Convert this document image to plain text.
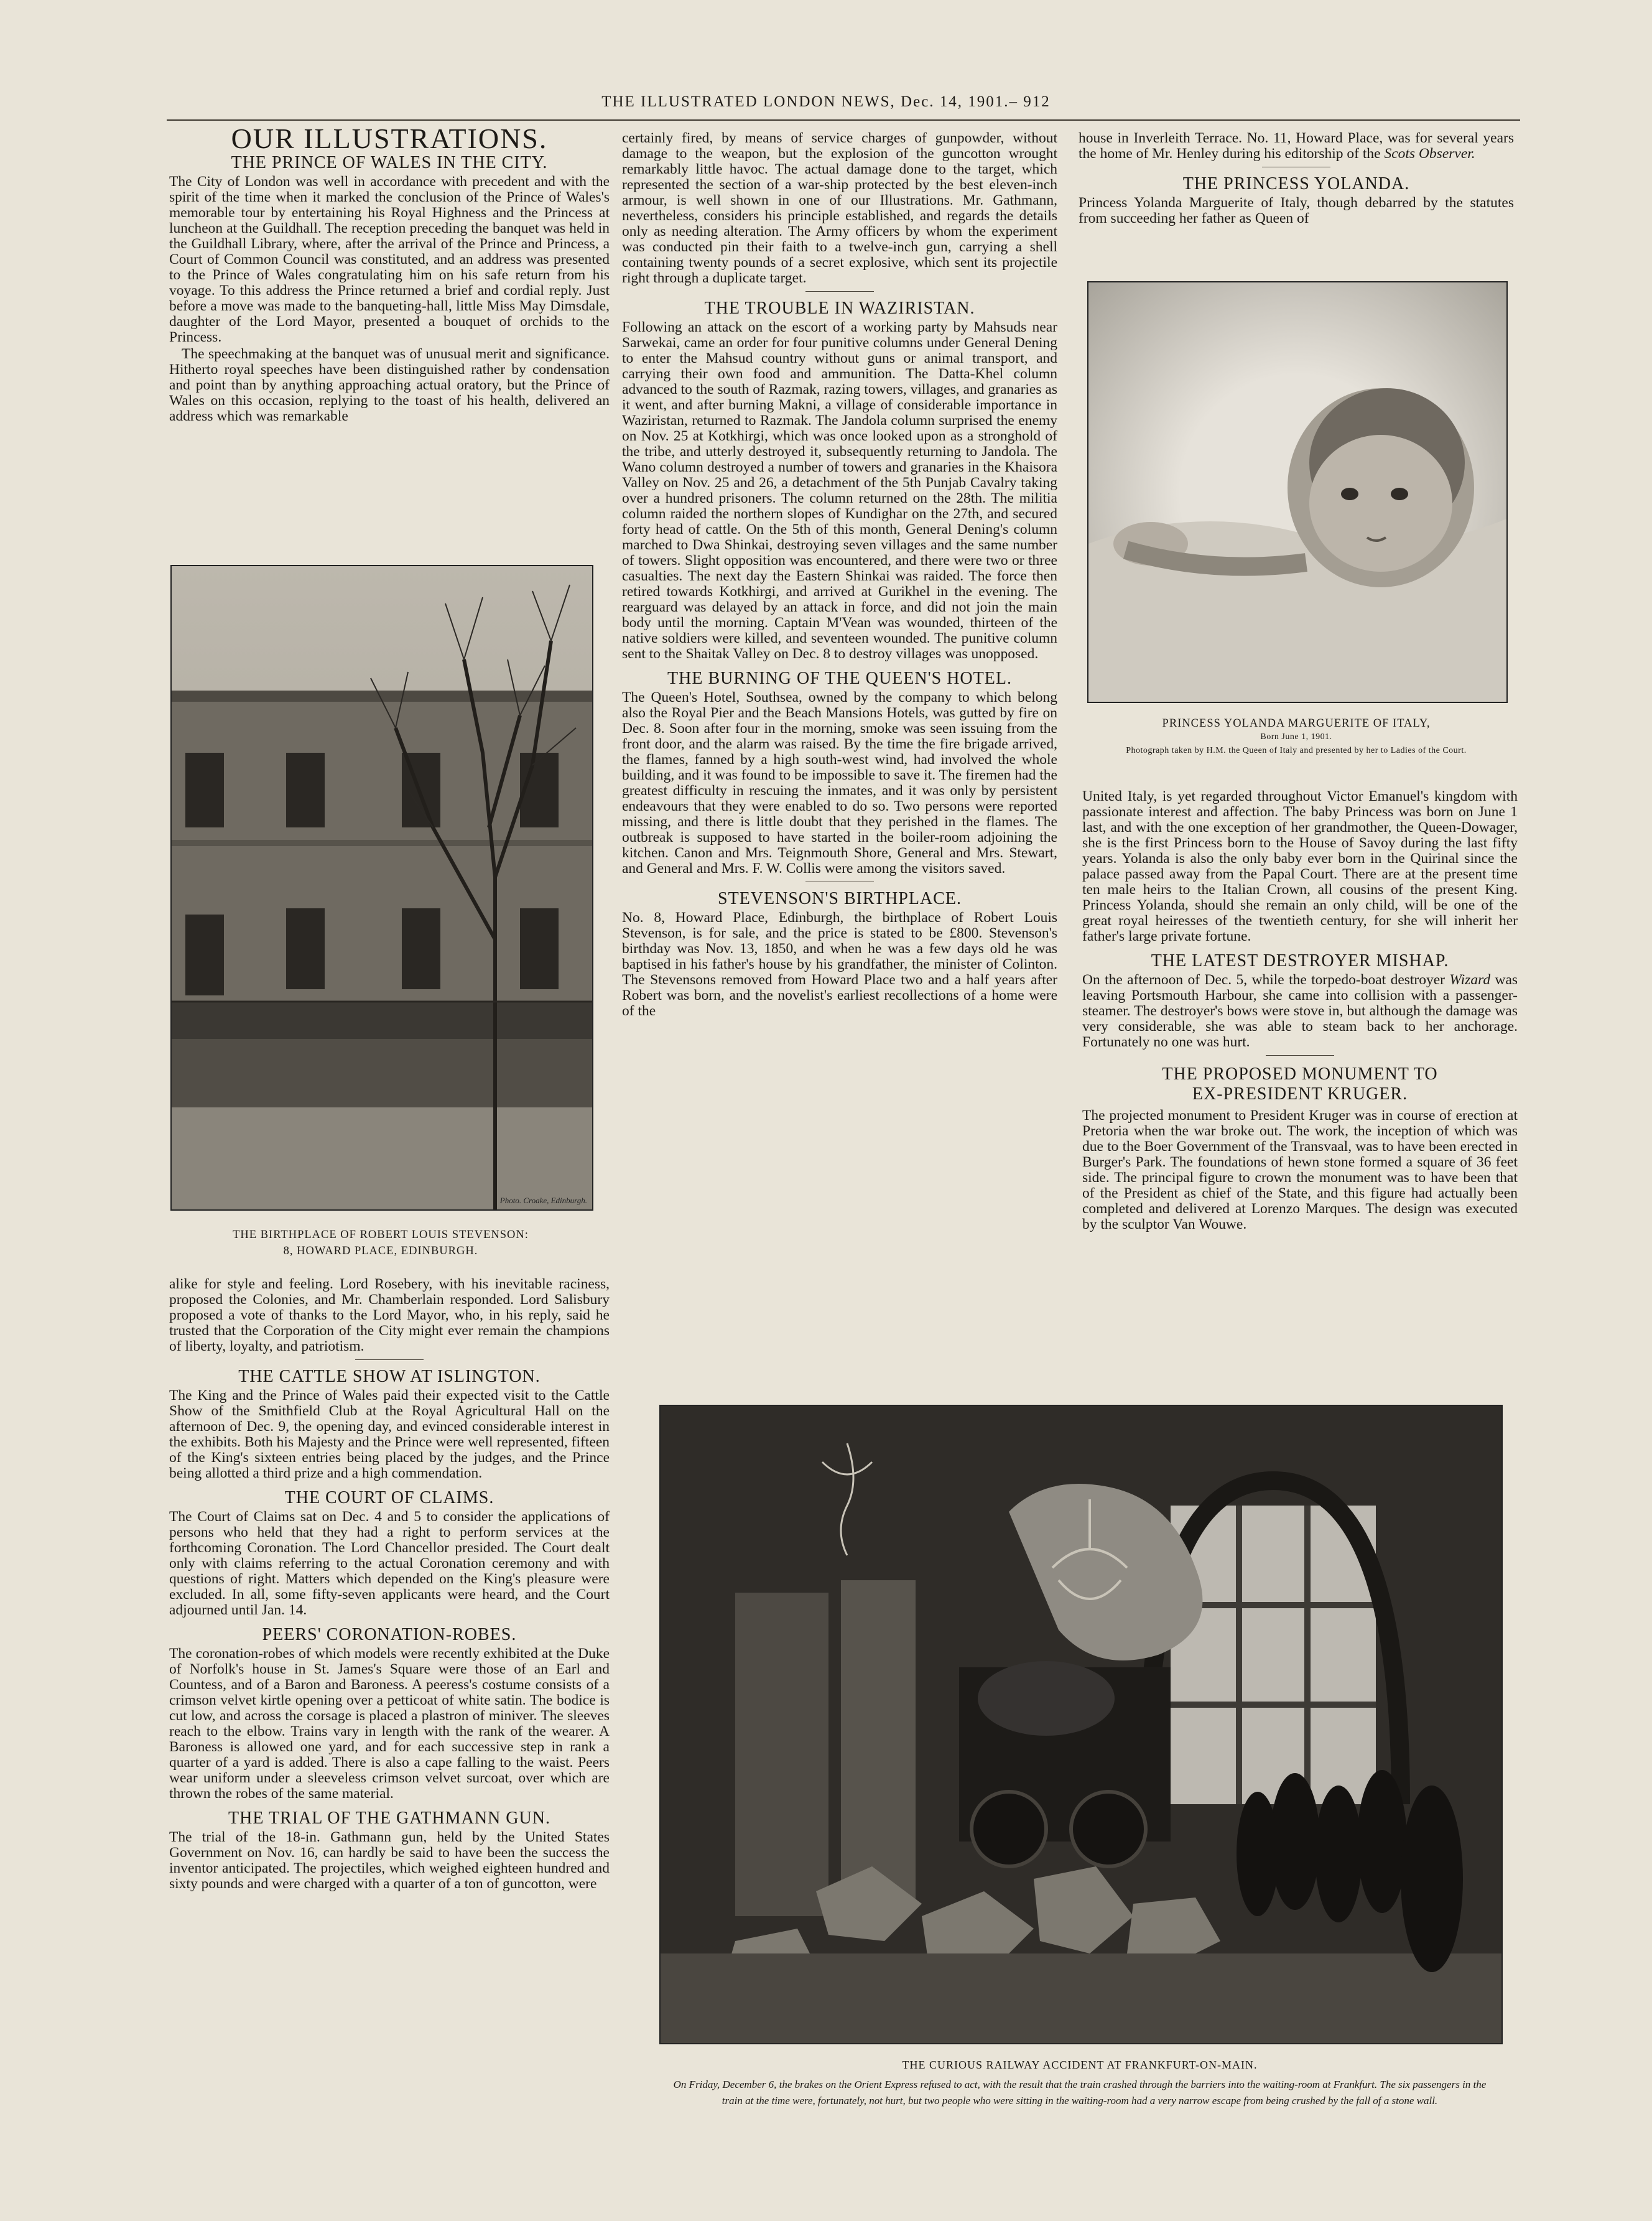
THE ILLUSTRATED LONDON NEWS, Dec. 14, 1901.– 912
OUR ILLUSTRATIONS.
THE PRINCE OF WALES IN THE CITY.

The City of London was well in accordance with precedent and with the spirit of the time when it marked the conclusion of the Prince of Wales's memorable tour by entertaining his Royal Highness and the Princess at luncheon at the Guildhall. The reception preceding the banquet was held in the Guildhall Library, where, after the arrival of the Prince and Princess, a Court of Common Council was constituted, and an address was presented to the Prince of Wales congratulating him on his safe return from his voyage. To this address the Prince returned a brief and cordial reply. Just before a move was made to the banqueting-hall, little Miss May Dimsdale, daughter of the Lord Mayor, presented a bouquet of orchids to the Princess.

The speechmaking at the banquet was of unusual merit and significance. Hitherto royal speeches have been distinguished rather by condensation and point than by anything approaching actual oratory, but the Prince of Wales on this occasion, replying to the toast of his health, delivered an address which was remarkable

Photo. Croake, Edinburgh.
THE BIRTHPLACE OF ROBERT LOUIS STEVENSON:
8, HOWARD PLACE, EDINBURGH.

alike for style and feeling. Lord Rosebery, with his inevitable raciness, proposed the Colonies, and Mr. Chamberlain responded. Lord Salisbury proposed a vote of thanks to the Lord Mayor, who, in his reply, said he trusted that the Corporation of the City might ever remain the champions of liberty, loyalty, and patriotism.

THE CATTLE SHOW AT ISLINGTON.

The King and the Prince of Wales paid their expected visit to the Cattle Show of the Smithfield Club at the Royal Agricultural Hall on the afternoon of Dec. 9, the opening day, and evinced considerable interest in the exhibits. Both his Majesty and the Prince were well represented, fifteen of the King's sixteen entries being placed by the judges, and the Prince being allotted a third prize and a high commendation.

THE COURT OF CLAIMS.

The Court of Claims sat on Dec. 4 and 5 to consider the applications of persons who held that they had a right to perform services at the forthcoming Coronation. The Lord Chancellor presided. The Court dealt only with claims referring to the actual Coronation ceremony and with questions of right. Matters which depended on the King's pleasure were excluded. In all, some fifty-seven applicants were heard, and the Court adjourned until Jan. 14.

PEERS' CORONATION-ROBES.

The coronation-robes of which models were recently exhibited at the Duke of Norfolk's house in St. James's Square were those of an Earl and Countess, and of a Baron and Baroness. A peeress's costume consists of a crimson velvet kirtle opening over a petticoat of white satin. The bodice is cut low, and across the corsage is placed a plastron of miniver. The sleeves reach to the elbow. Trains vary in length with the rank of the wearer. A Baroness is allowed one yard, and for each successive step in rank a quarter of a yard is added. There is also a cape falling to the waist. Peers wear uniform under a sleeveless crimson velvet surcoat, over which are thrown the robes of the same material.

THE TRIAL OF THE GATHMANN GUN.

The trial of the 18-in. Gathmann gun, held by the United States Government on Nov. 16, can hardly be said to have been the success the inventor anticipated. The projectiles, which weighed eighteen hundred and sixty pounds and were charged with a quarter of a ton of guncotton, were

certainly fired, by means of service charges of gunpowder, without damage to the weapon, but the explosion of the guncotton wrought remarkably little havoc. The actual damage done to the target, which represented the section of a war-ship protected by the best eleven-inch armour, is well shown in one of our Illustrations. Mr. Gathmann, nevertheless, considers his principle established, and regards the details only as needing alteration. The Army officers by whom the experiment was conducted pin their faith to a twelve-inch gun, carrying a shell containing twenty pounds of a secret explosive, which sent its projectile right through a duplicate target.

THE TROUBLE IN WAZIRISTAN.

Following an attack on the escort of a working party by Mahsuds near Sarwekai, came an order for four punitive columns under General Dening to enter the Mahsud country without guns or animal transport, and carrying their own food and ammunition. The Datta-Khel column advanced to the south of Razmak, razing towers, villages, and granaries as it went, and after burning Makni, a village of considerable importance in Waziristan, returned to Razmak. The Jandola column surprised the enemy on Nov. 25 at Kotkhirgi, which was once looked upon as a stronghold of the tribe, and utterly destroyed it, subsequently returning to Jandola. The Wano column destroyed a number of towers and granaries in the Khaisora Valley on Nov. 25 and 26, a detachment of the 5th Punjab Cavalry taking over a hundred prisoners. The column returned on the 28th. The militia column raided the northern slopes of Kundighar on the 27th, and secured forty head of cattle. On the 5th of this month, General Dening's column marched to Dwa Shinkai, destroying seven villages and the same number of towers. Slight opposition was encountered, and there were two or three casualties. The next day the Eastern Shinkai was raided. The force then retired towards Kotkhirgi, and arrived at Gurikhel in the evening. The rearguard was delayed by an attack in force, and did not join the main body until the morning. Captain M'Vean was wounded, thirteen of the native soldiers were killed, and seventeen wounded. The punitive column sent to the Shaitak Valley on Dec. 8 to destroy villages was unopposed.

THE BURNING OF THE QUEEN'S HOTEL.

The Queen's Hotel, Southsea, owned by the company to which belong also the Royal Pier and the Beach Mansions Hotels, was gutted by fire on Dec. 8. Soon after four in the morning, smoke was seen issuing from the front door, and the alarm was raised. By the time the fire brigade arrived, the flames, fanned by a high south-west wind, had involved the whole building, and it was found to be impossible to save it. The firemen had the greatest difficulty in rescuing the inmates, and it was only by persistent endeavours that they were enabled to do so. Two persons were reported missing, and there is little doubt that they perished in the flames. The outbreak is supposed to have started in the boiler-room adjoining the kitchen. Canon and Mrs. Teignmouth Shore, General and Mrs. Stewart, and General and Mrs. F. W. Collis were among the visitors saved.

STEVENSON'S BIRTHPLACE.

No. 8, Howard Place, Edinburgh, the birthplace of Robert Louis Stevenson, is for sale, and the price is stated to be £800. Stevenson's birthday was Nov. 13, 1850, and when he was a few days old he was baptised in his father's house by his grandfather, the minister of Colinton. The Stevensons removed from Howard Place two and a half years after Robert was born, and the novelist's earliest recollections of a home were of the

house in Inverleith Terrace. No. 11, Howard Place, was for several years the home of Mr. Henley during his editorship of the Scots Observer.

THE PRINCESS YOLANDA.

Princess Yolanda Marguerite of Italy, though debarred by the statutes from succeeding her father as Queen of

PRINCESS YOLANDA MARGUERITE OF ITALY,
Born June 1, 1901.
Photograph taken by H.M. the Queen of Italy and presented by her to Ladies of the Court.

United Italy, is yet regarded throughout Victor Emanuel's kingdom with passionate interest and affection. The baby Princess was born on June 1 last, and with the one exception of her grandmother, the Queen-Dowager, she is the first Princess born to the House of Savoy during the last fifty years. Yolanda is also the only baby ever born in the Quirinal since the palace passed away from the Papal Court. There are at the present time ten male heirs to the Italian Crown, all cousins of the present King. Princess Yolanda, should she remain an only child, will be one of the great royal heiresses of the twentieth century, for she will inherit her father's large private fortune.

THE LATEST DESTROYER MISHAP.

On the afternoon of Dec. 5, while the torpedo-boat destroyer Wizard was leaving Portsmouth Harbour, she came into collision with a passenger-steamer. The destroyer's bows were stove in, but although the damage was very considerable, she was able to steam back to her anchorage. Fortunately no one was hurt.

THE PROPOSED MONUMENT TO
EX-PRESIDENT KRUGER.

The projected monument to President Kruger was in course of erection at Pretoria when the war broke out. The work, the inception of which was due to the Boer Government of the Transvaal, was to have been erected in Burger's Park. The foundations of hewn stone formed a square of 36 feet side. The principal figure to crown the monument was to have been that of the President as chief of the State, and this figure had actually been completed and delivered at Lorenzo Marques. The design was executed by the sculptor Van Wouwe.

THE CURIOUS RAILWAY ACCIDENT AT FRANKFURT-ON-MAIN.
On Friday, December 6, the brakes on the Orient Express refused to act, with the result that the train crashed through the barriers into the waiting-room at Frankfurt. The six passengers in the train at the time were, fortunately, not hurt, but two people who were sitting in the waiting-room had a very narrow escape from being crushed by the fall of a stone wall.
